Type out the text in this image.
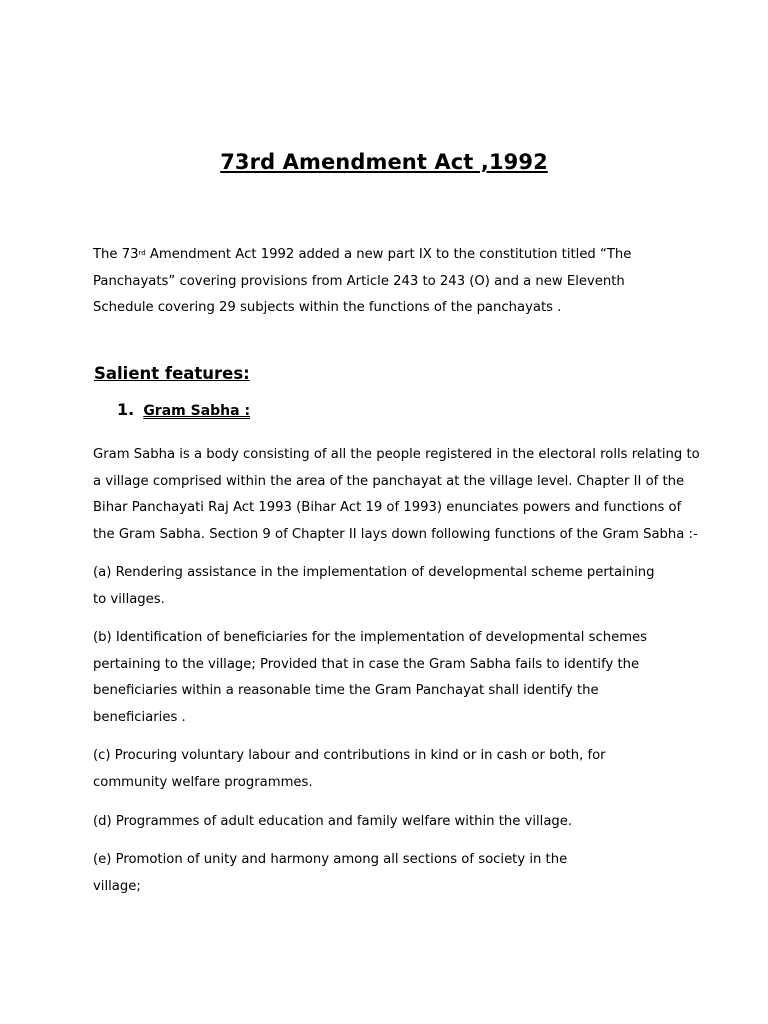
73rd Amendment Act ,1992
The 73rd Amendment Act 1992 added a new part IX to the constitution titled “The
Panchayats” covering provisions from Article 243 to 243 (O) and a new Eleventh
Schedule covering 29 subjects within the functions of the panchayats .
Salient features:
1. Gram Sabha :
Gram Sabha is a body consisting of all the people registered in the electoral rolls relating to
a village comprised within the area of the panchayat at the village level. Chapter II of the
Bihar Panchayati Raj Act 1993 (Bihar Act 19 of 1993) enunciates powers and functions of
the Gram Sabha. Section 9 of Chapter II lays down following functions of the Gram Sabha :-
(a) Rendering assistance in the implementation of developmental scheme pertaining
to villages.
(b) Identification of beneficiaries for the implementation of developmental schemes
pertaining to the village; Provided that in case the Gram Sabha fails to identify the
beneficiaries within a reasonable time the Gram Panchayat shall identify the
beneficiaries .
(c) Procuring voluntary labour and contributions in kind or in cash or both, for
community welfare programmes.
(d) Programmes of adult education and family welfare within the village.
(e) Promotion of unity and harmony among all sections of society in the
village;
